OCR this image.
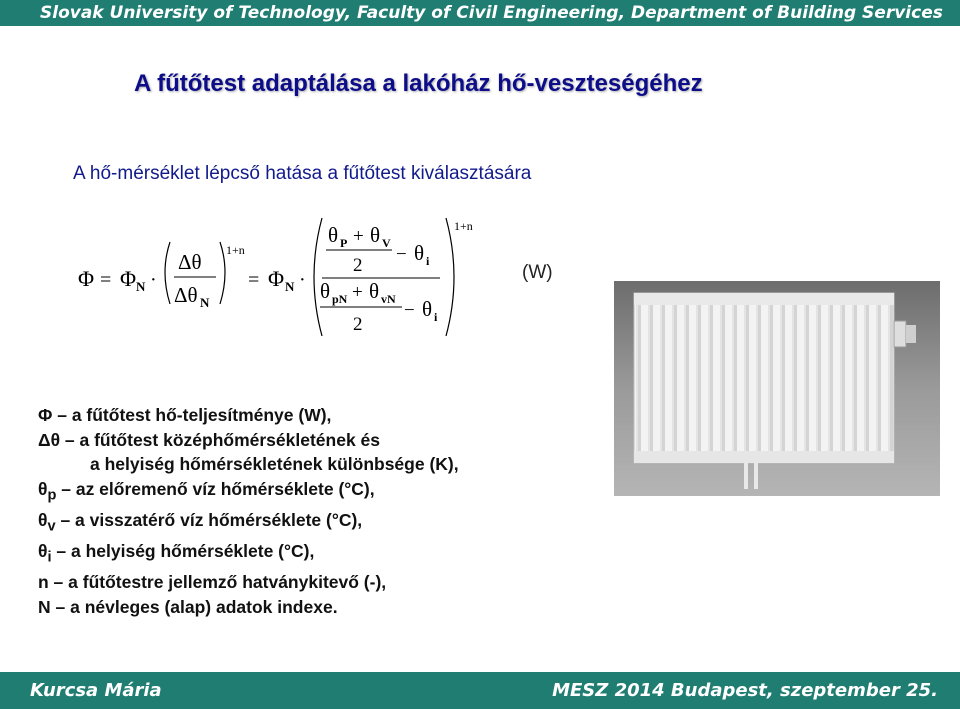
Slovak University of Technology, Faculty of Civil Engineering, Department of Building Services
A fűtőtest adaptálása a lakóház hő-veszteségéhez
A hő-mérséklet lépcső hatása a fűtőtest kiválasztására
Φ = Φ N ·
Δθ
Δθ N
1+n
= Φ N ·
θ P + θ V
2
− θ i
θ pN + θ vN
2
− θ i
1+n
(W)
Φ – a fűtőtest hő-teljesítménye (W),
Δθ – a fűtőtest középhőmérsékletének és
a helyiség hőmérsékletének különbsége (K),
$\theta_p$ – az előremenő víz hőmérséklete (°C),
$\theta_v$ – a visszatérő víz hőmérséklete (°C),
$\theta_i$ – a helyiség hőmérséklete (°C),
n – a fűtőtestre jellemző hatványkitevő (-),
N – a névleges (alap) adatok indexe.
Kurcsa Mária	MESZ 2014 Budapest, szeptember 25.
